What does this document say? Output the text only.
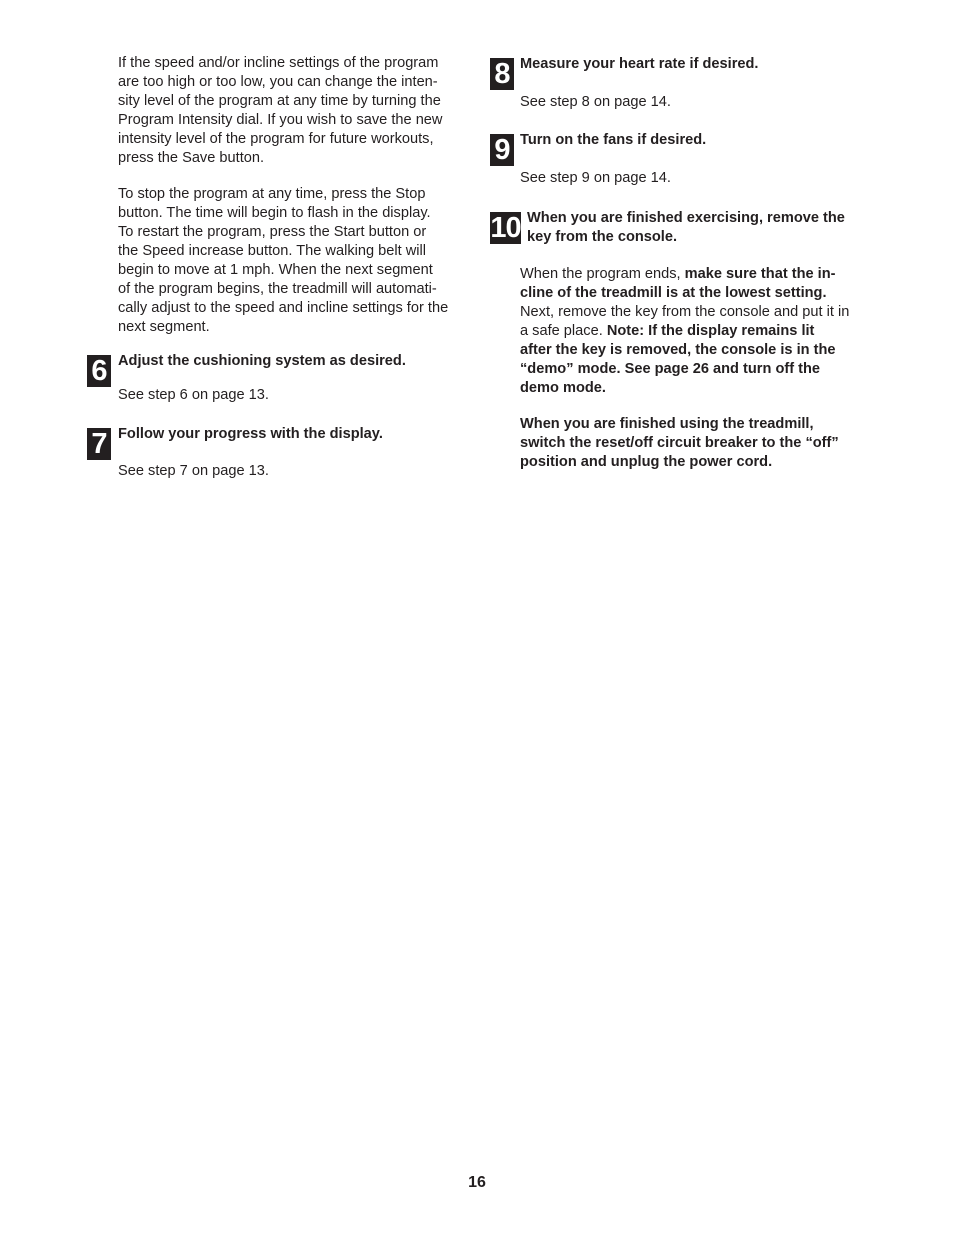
If the speed and/or incline settings of the program
are too high or too low, you can change the inten-
sity level of the program at any time by turning the
Program Intensity dial. If you wish to save the new
intensity level of the program for future workouts,
press the Save button.

To stop the program at any time, press the Stop
button. The time will begin to flash in the display.
To restart the program, press the Start button or
the Speed increase button. The walking belt will
begin to move at 1 mph. When the next segment
of the program begins, the treadmill will automati-
cally adjust to the speed and incline settings for the
next segment.

6 Adjust the cushioning system as desired.

See step 6 on page 13.

7 Follow your progress with the display.

See step 7 on page 13.

8 Measure your heart rate if desired.

See step 8 on page 14.

9 Turn on the fans if desired.

See step 9 on page 14.

10 When you are finished exercising, remove the
key from the console.

When the program ends, make sure that the in-
cline of the treadmill is at the lowest setting.
Next, remove the key from the console and put it in
a safe place. Note: If the display remains lit
after the key is removed, the console is in the
“demo” mode. See page 26 and turn off the
demo mode.

When you are finished using the treadmill,
switch the reset/off circuit breaker to the “off”
position and unplug the power cord.

16
